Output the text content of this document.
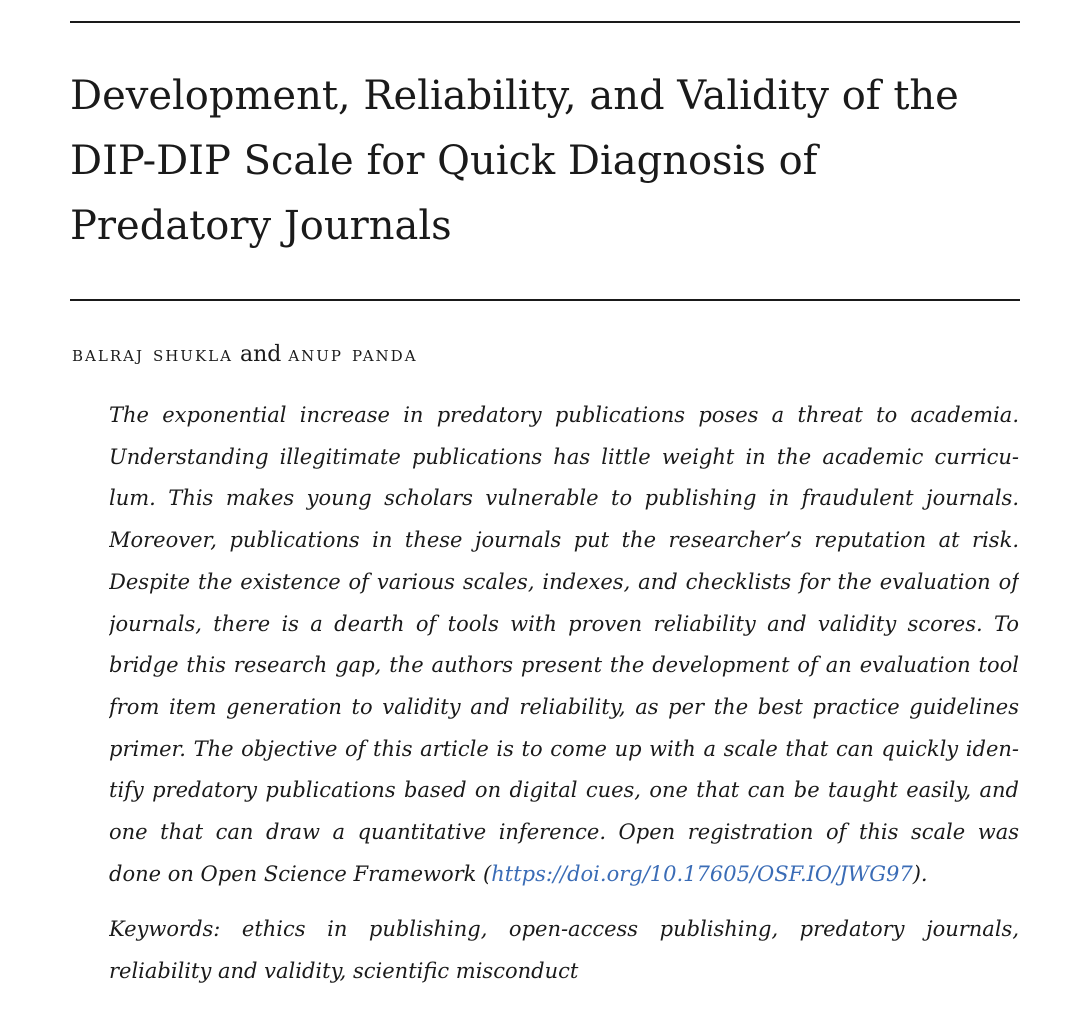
Development, Reliability, and Validity of the
DIP-DIP Scale for Quick Diagnosis of
Predatory Journals

balraj shukla and anup panda

The exponential increase in predatory publications poses a threat to academia.
Understanding illegitimate publications has little weight in the academic curricu-
lum. This makes young scholars vulnerable to publishing in fraudulent journals.
Moreover, publications in these journals put the researcher’s reputation at risk.
Despite the existence of various scales, indexes, and checklists for the evaluation of
journals, there is a dearth of tools with proven reliability and validity scores. To
bridge this research gap, the authors present the development of an evaluation tool
from item generation to validity and reliability, as per the best practice guidelines
primer. The objective of this article is to come up with a scale that can quickly iden-
tify predatory publications based on digital cues, one that can be taught easily, and
one that can draw a quantitative inference. Open registration of this scale was
done on Open Science Framework (https://doi.org/10.17605/OSF.IO/JWG97).
Keywords: ethics in publishing, open-access publishing, predatory journals,
reliability and validity, scientific misconduct
